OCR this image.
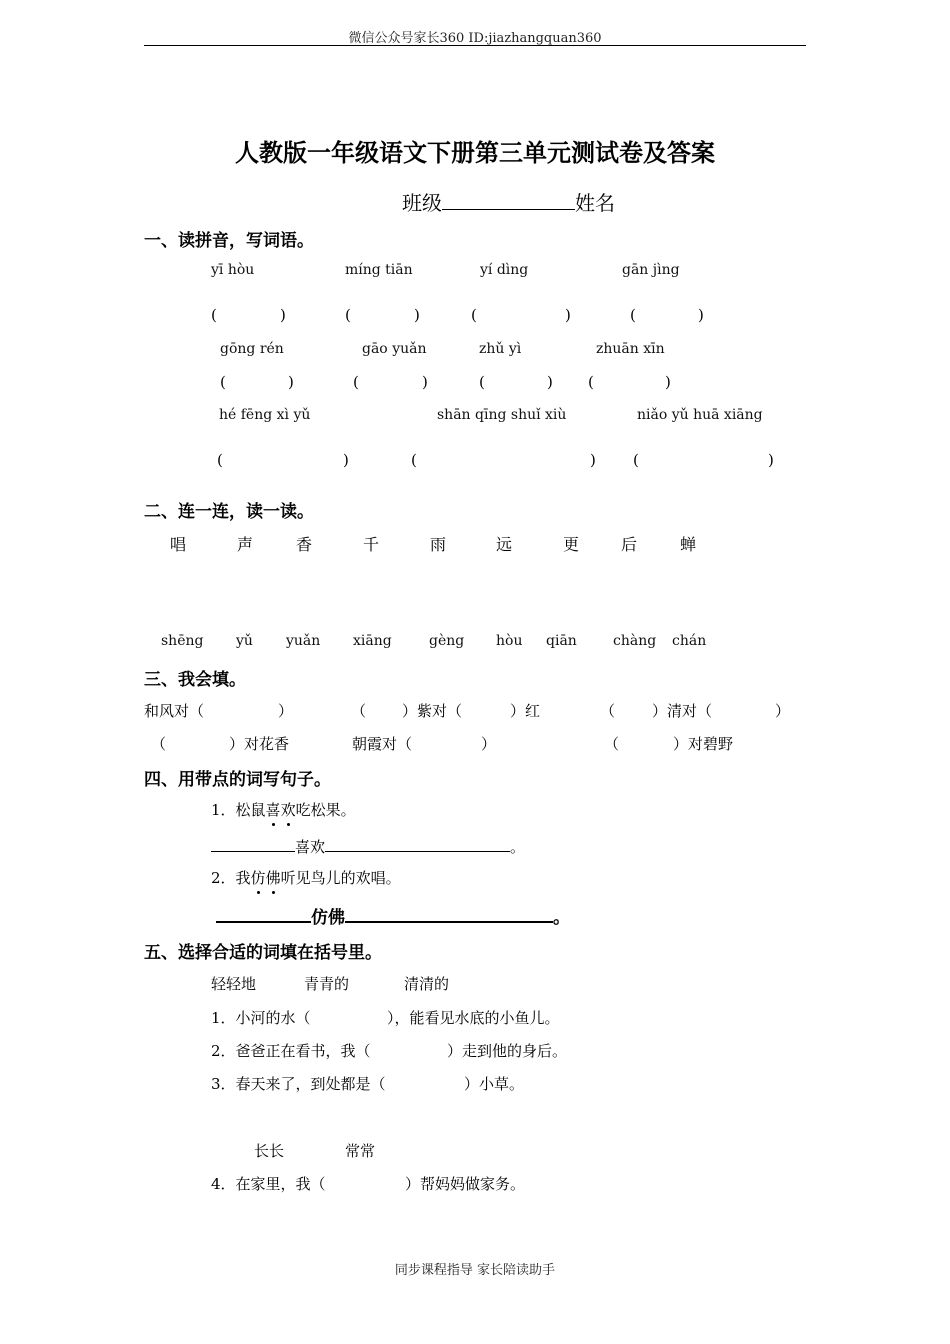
微信公众号家长360 ID:jiazhangquan360
人教版一年级语文下册第三单元测试卷及答案
班级	姓名
一、读拼音，写词语。
yī hòu	míng tiān	yí dìng	gān jìng
(	)	(	)	(	)	(	)
gōng rén	gāo yuǎn	zhǔ yì	zhuān xīn
(	)	(	)	(	) (	)
hé fēng xì yǔ	shān qīng shuǐ xiù	niǎo yǔ huā xiāng
(	)	(	) (	)
二、连一连，读一读。
唱	声	香	千	雨	远	更	后	蝉
shēng yǔ yuǎn xiāng	gèng hòu qiān	chàng chán
三、我会填。
和风对（	）	（ ）紫对（	）红	（ ）清对（	）
（	）对花香	朝霞对（	）	（	）对碧野
四、用带点的词写句子。
1．松鼠喜欢吃松果。
喜欢	。
2．我仿佛听见鸟儿的欢唱。
仿佛	。
五、选择合适的词填在括号里。
轻轻地	青青的	清清的
1．小河的水（	），能看见水底的小鱼儿。
2．爸爸正在看书，我（	）走到他的身后。
3．春天来了，到处都是（	）小草。
长长	常常
4．在家里，我（	）帮妈妈做家务。
同步课程指导 家长陪读助手
